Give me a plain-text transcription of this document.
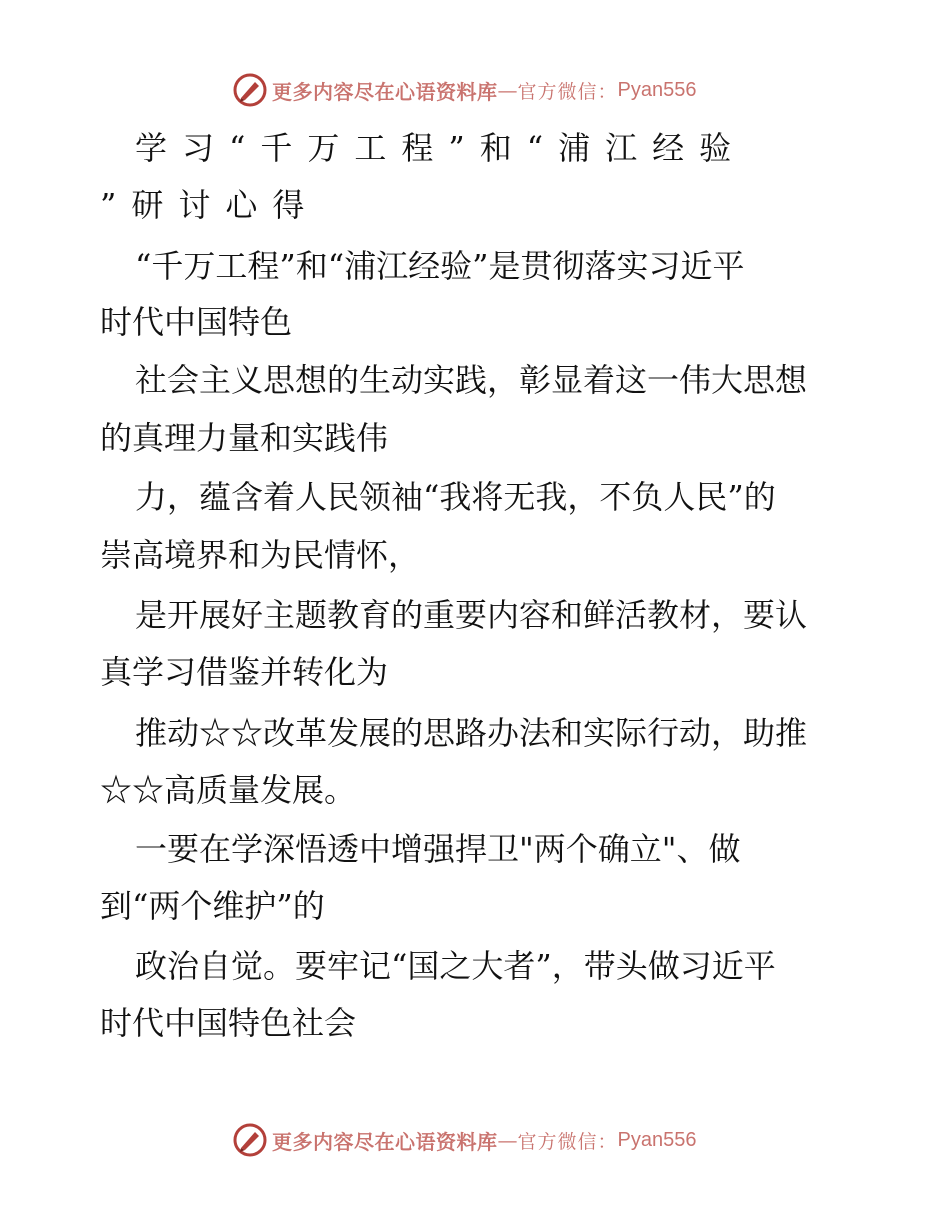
更多内容尽在心语资料库 — 官方微信： Pyan556
学习“千万工程”和“浦江经验
”研讨心得
“千万工程”和“浦江经验”是贯彻落实习近平
时代中国特色
社会主义思想的生动实践，彰显着这一伟大思想
的真理力量和实践伟
力，蕴含着人民领袖“我将无我，不负人民”的
崇高境界和为民情怀，
是开展好主题教育的重要内容和鲜活教材，要认
真学习借鉴并转化为
推动☆☆改革发展的思路办法和实际行动，助推
☆☆高质量发展。
一要在学深悟透中增强捍卫"两个确立"、做
到“两个维护”的
政治自觉。要牢记“国之大者”，带头做习近平
时代中国特色社会
更多内容尽在心语资料库 — 官方微信： Pyan556
